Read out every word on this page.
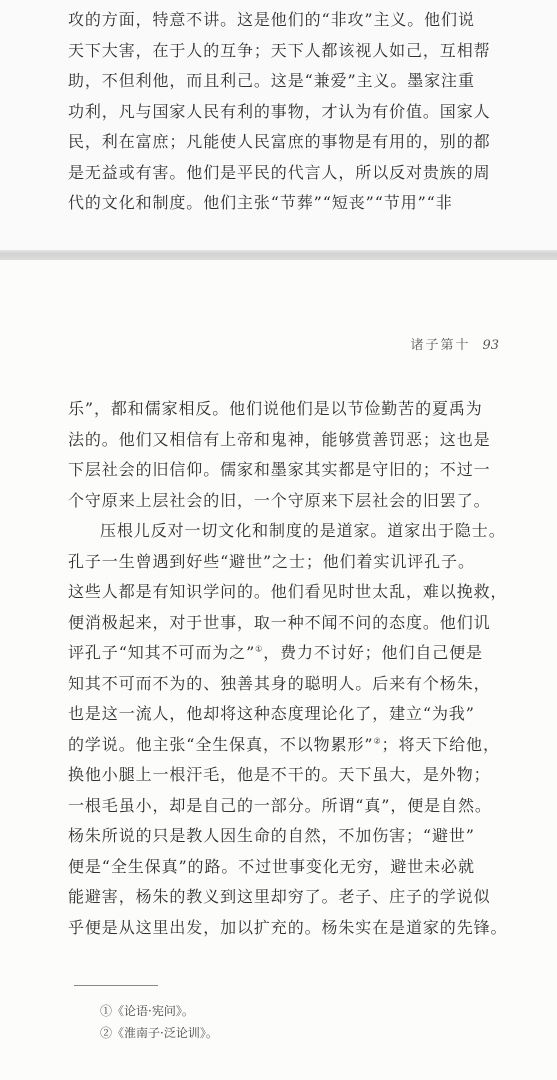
攻的方面，特意不讲。这是他们的“非攻”主义。他们说
天下大害，在于人的互争；天下人都该视人如己，互相帮
助，不但利他，而且利己。这是“兼爱”主义。墨家注重
功利，凡与国家人民有利的事物，才认为有价值。国家人
民，利在富庶；凡能使人民富庶的事物是有用的，别的都
是无益或有害。他们是平民的代言人，所以反对贵族的周
代的文化和制度。他们主张“节葬”“短丧”“节用”“非
诸子第十 93
乐”，都和儒家相反。他们说他们是以节俭勤苦的夏禹为
法的。他们又相信有上帝和鬼神，能够赏善罚恶；这也是
下层社会的旧信仰。儒家和墨家其实都是守旧的；不过一
个守原来上层社会的旧，一个守原来下层社会的旧罢了。
压根儿反对一切文化和制度的是道家。道家出于隐士。
孔子一生曾遇到好些“避世”之士；他们着实讥评孔子。
这些人都是有知识学问的。他们看见时世太乱，难以挽救，
便消极起来，对于世事，取一种不闻不问的态度。他们讥
评孔子“知其不可而为之”①，费力不讨好；他们自己便是
知其不可而不为的、独善其身的聪明人。后来有个杨朱，
也是这一流人，他却将这种态度理论化了，建立“为我”
的学说。他主张“全生保真，不以物累形”②；将天下给他，
换他小腿上一根汗毛，他是不干的。天下虽大，是外物；
一根毛虽小，却是自己的一部分。所谓“真”，便是自然。
杨朱所说的只是教人因生命的自然，不加伤害；“避世”
便是“全生保真”的路。不过世事变化无穷，避世未必就
能避害，杨朱的教义到这里却穷了。老子、庄子的学说似
乎便是从这里出发，加以扩充的。杨朱实在是道家的先锋。
①《论语·宪问》。
②《淮南子·泛论训》。
